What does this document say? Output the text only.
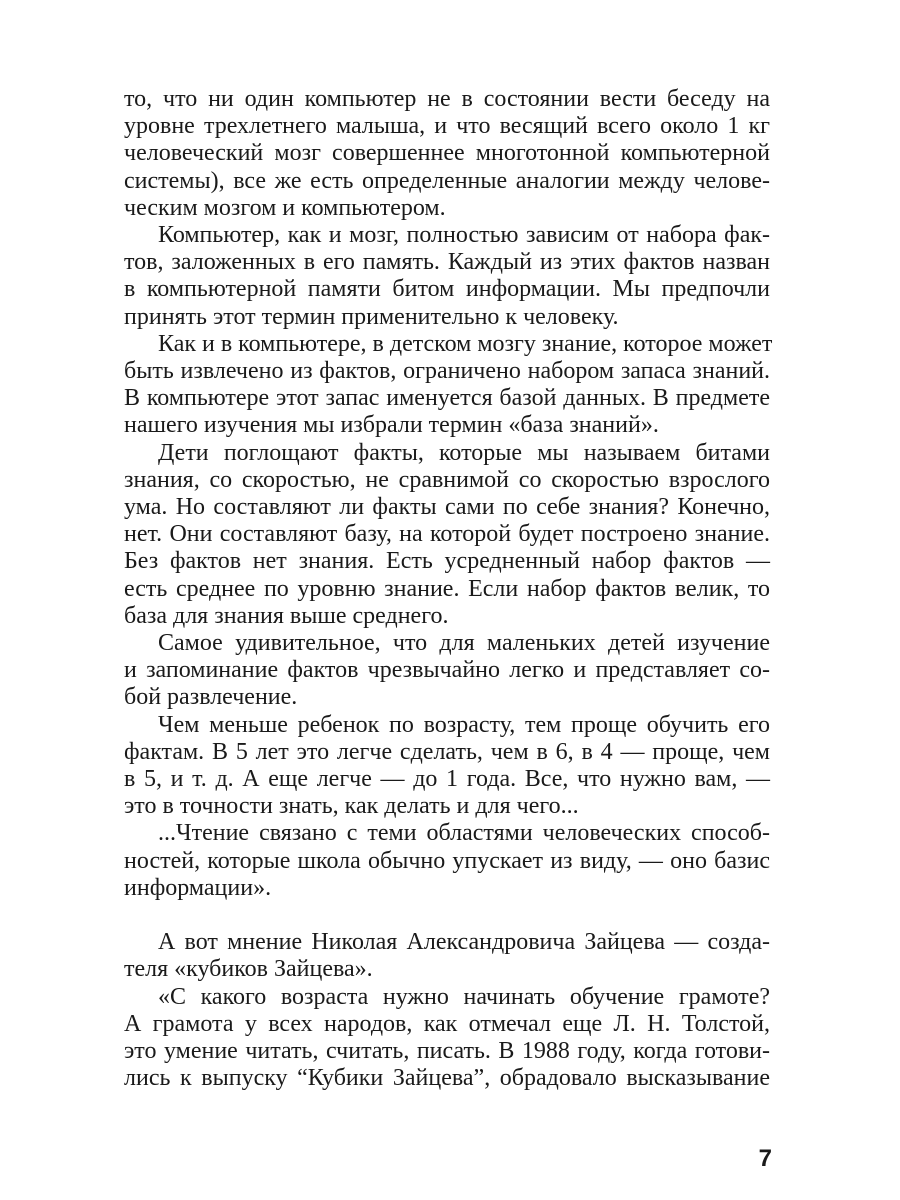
то, что ни один компьютер не в состоянии вести беседу на
уровне трехлетнего малыша, и что весящий всего около 1 кг
человеческий мозг совершеннее многотонной компьютерной
системы), все же есть определенные аналогии между челове-
ческим мозгом и компьютером.
Компьютер, как и мозг, полностью зависим от набора фак-
тов, заложенных в его память. Каждый из этих фактов назван
в компьютерной памяти битом информации. Мы предпочли
принять этот термин применительно к человеку.
Как и в компьютере, в детском мозгу знание, которое может
быть извлечено из фактов, ограничено набором запаса знаний.
В компьютере этот запас именуется базой данных. В предмете
нашего изучения мы избрали термин «база знаний».
Дети поглощают факты, которые мы называем битами
знания, со скоростью, не сравнимой со скоростью взрослого
ума. Но составляют ли факты сами по себе знания? Конечно,
нет. Они составляют базу, на которой будет построено знание.
Без фактов нет знания. Есть усредненный набор фактов —
есть среднее по уровню знание. Если набор фактов велик, то
база для знания выше среднего.
Самое удивительное, что для маленьких детей изучение
и запоминание фактов чрезвычайно легко и представляет со-
бой развлечение.
Чем меньше ребенок по возрасту, тем проще обучить его
фактам. В 5 лет это легче сделать, чем в 6, в 4 — проще, чем
в 5, и т. д. А еще легче — до 1 года. Все, что нужно вам, —
это в точности знать, как делать и для чего...
...Чтение связано с теми областями человеческих способ-
ностей, которые школа обычно упускает из виду, — оно базис
информации».
А вот мнение Николая Александровича Зайцева — созда-
теля «кубиков Зайцева».
«С какого возраста нужно начинать обучение грамоте?
А грамота у всех народов, как отмечал еще Л. Н. Толстой,
это умение читать, считать, писать. В 1988 году, когда готови-
лись к выпуску “Кубики Зайцева”, обрадовало высказывание
7
